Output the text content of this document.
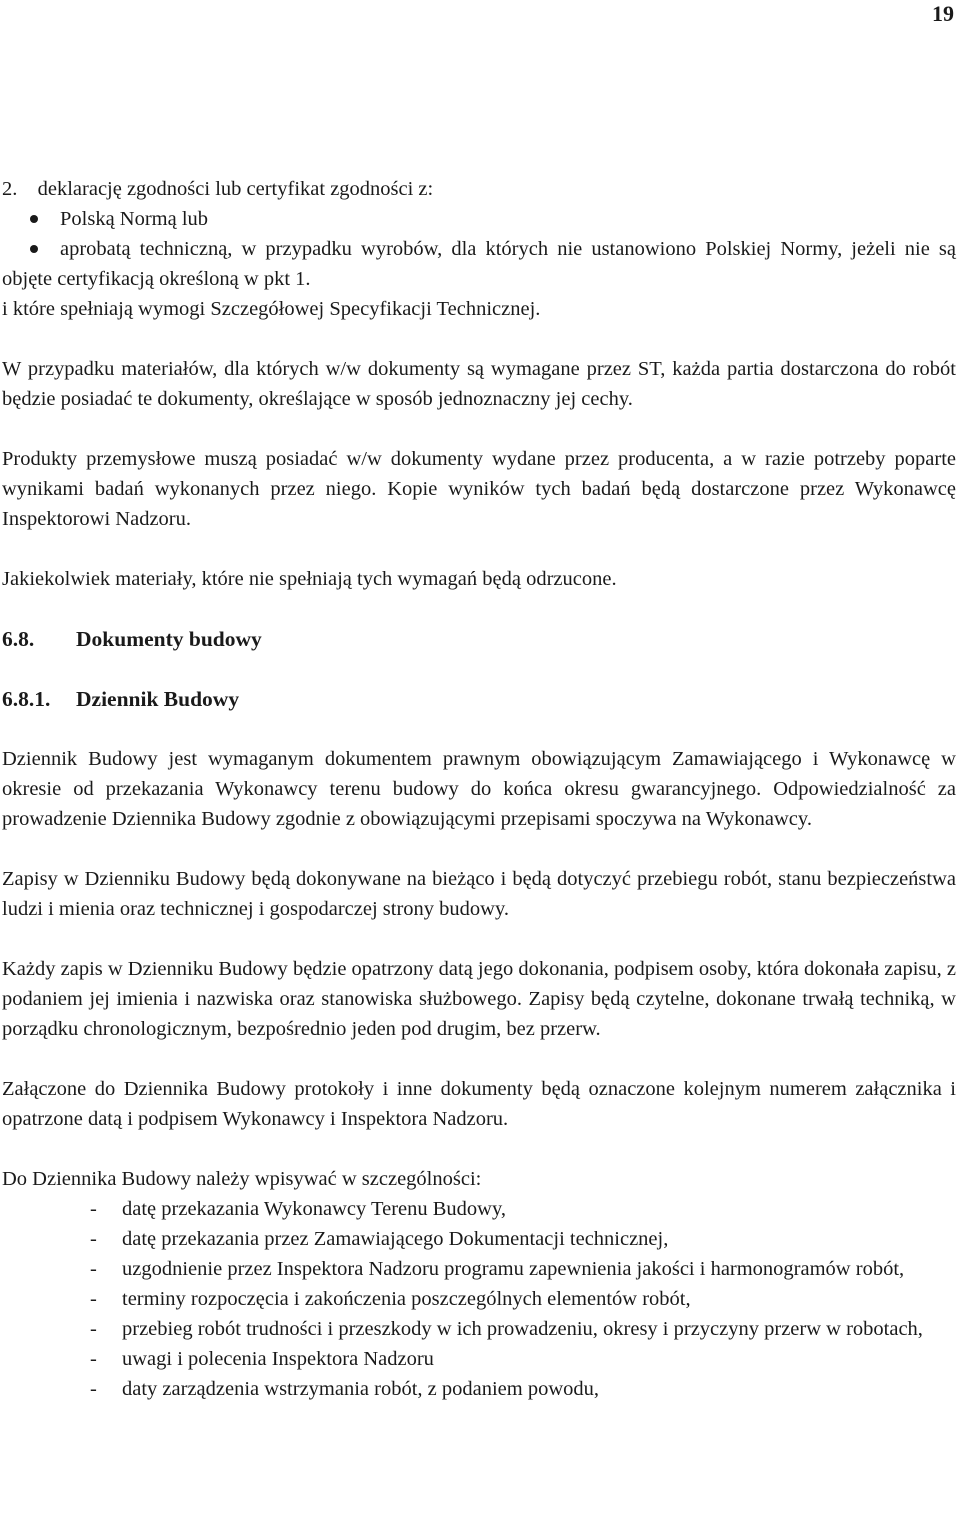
19

2. deklarację zgodności lub certyfikat zgodności z:

Polską Normą lub
aprobatą techniczną, w przypadku wyrobów, dla których nie ustanowiono Polskiej Normy, jeżeli nie są objęte certyfikacją określoną w pkt 1.

i które spełniają wymogi Szczegółowej Specyfikacji Technicznej.

W przypadku materiałów, dla których w/w dokumenty są wymagane przez ST, każda partia dostarczona do robót będzie posiadać te dokumenty, określające w sposób jednoznaczny jej cechy.

Produkty przemysłowe muszą posiadać w/w dokumenty wydane przez producenta, a w razie potrzeby poparte wynikami badań wykonanych przez niego. Kopie wyników tych badań będą dostarczone przez Wykonawcę Inspektorowi Nadzoru.

Jakiekolwiek materiały, które nie spełniają tych wymagań będą odrzucone.

6.8.	Dokumenty budowy
6.8.1.	Dziennik Budowy

Dziennik Budowy jest wymaganym dokumentem prawnym obowiązującym Zamawiającego i Wykonawcę w okresie od przekazania Wykonawcy terenu budowy do końca okresu gwarancyjnego. Odpowiedzialność za prowadzenie Dziennika Budowy zgodnie z obowiązującymi przepisami spoczywa na Wykonawcy.

Zapisy w Dzienniku Budowy będą dokonywane na bieżąco i będą dotyczyć przebiegu robót, stanu bezpieczeństwa ludzi i mienia oraz technicznej i gospodarczej strony budowy.

Każdy zapis w Dzienniku Budowy będzie opatrzony datą jego dokonania, podpisem osoby, która dokonała zapisu, z podaniem jej imienia i nazwiska oraz stanowiska służbowego. Zapisy będą czytelne, dokonane trwałą techniką, w porządku chronologicznym, bezpośrednio jeden pod drugim, bez przerw.

Załączone do Dziennika Budowy protokoły i inne dokumenty będą oznaczone kolejnym numerem załącznika i opatrzone datą i podpisem Wykonawcy i Inspektora Nadzoru.

Do Dziennika Budowy należy wpisywać w szczególności:

- datę przekazania Wykonawcy Terenu Budowy,
- datę przekazania przez Zamawiającego Dokumentacji technicznej,
- uzgodnienie przez Inspektora Nadzoru programu zapewnienia jakości i harmonogramów robót,
- terminy rozpoczęcia i zakończenia poszczególnych elementów robót,
- przebieg robót trudności i przeszkody w ich prowadzeniu, okresy i przyczyny przerw w robotach,
- uwagi i polecenia Inspektora Nadzoru
- daty zarządzenia wstrzymania robót, z podaniem powodu,
